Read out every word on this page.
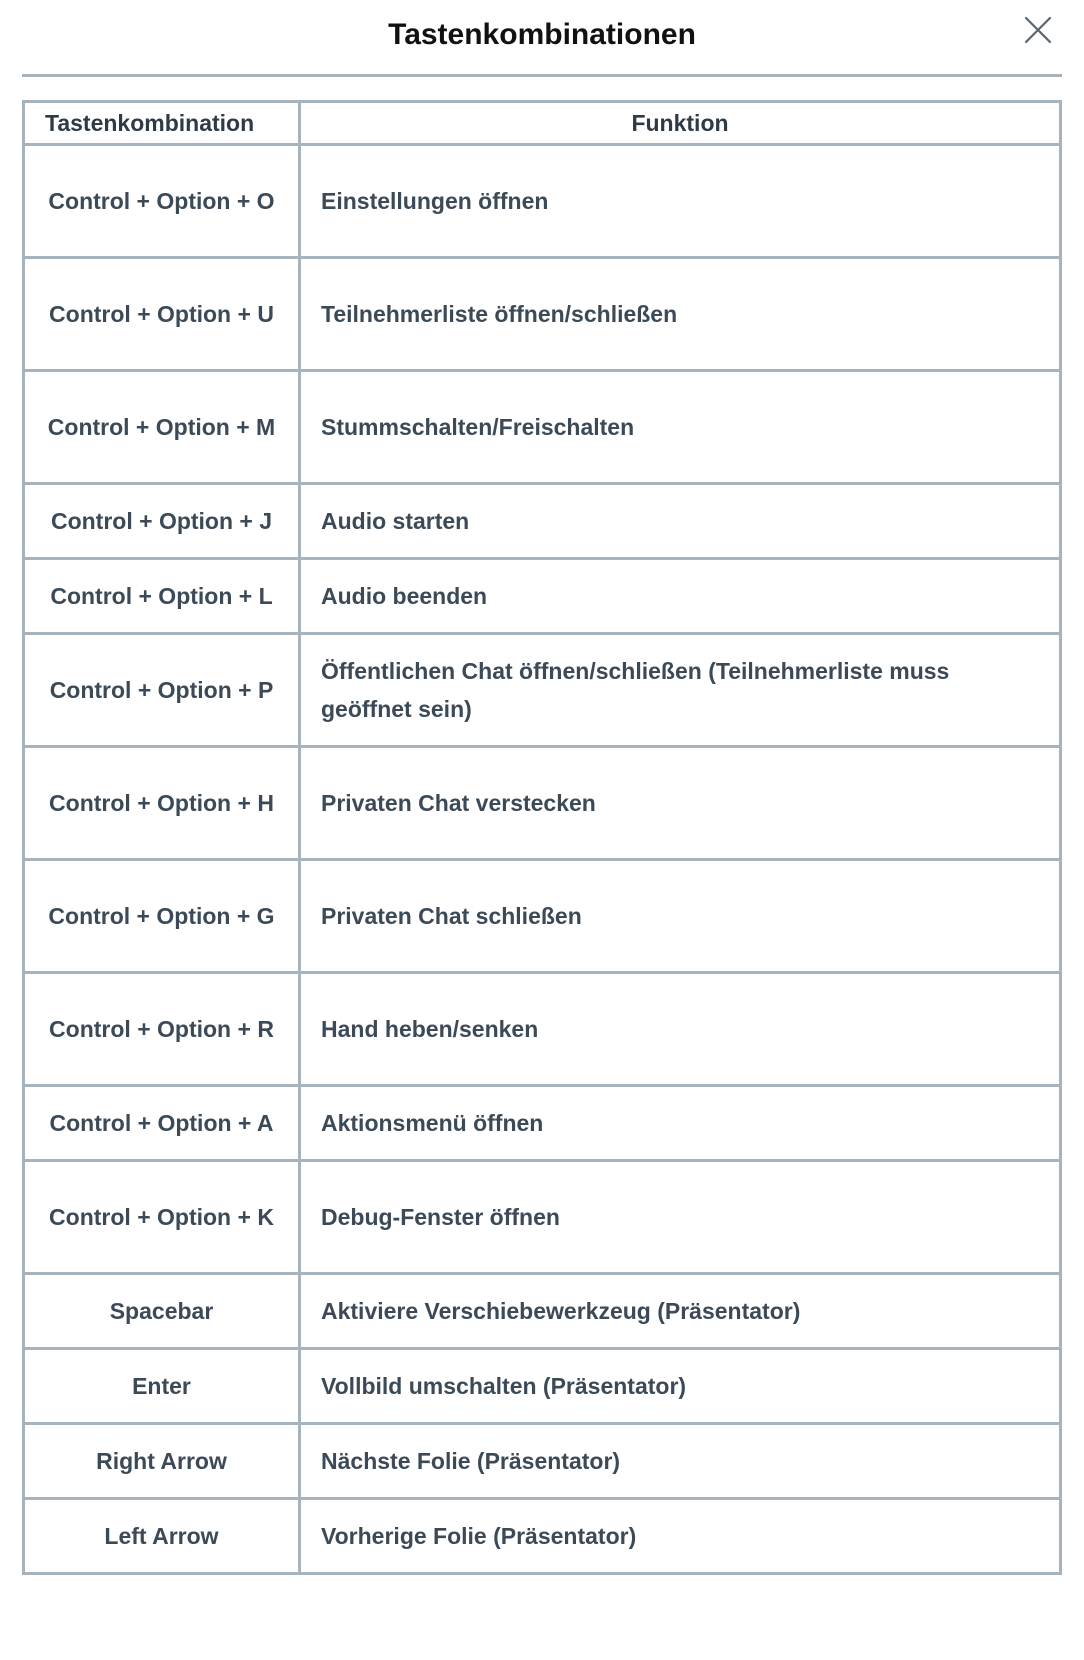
Tastenkombinationen
Tastenkombination	Funktion
Control + Option + O	Einstellungen öffnen
Control + Option + U	Teilnehmerliste öffnen/schließen
Control + Option + M	Stummschalten/Freischalten
Control + Option + J	Audio starten
Control + Option + L	Audio beenden
Control + Option + P	Öffentlichen Chat öffnen/schließen (Teilnehmerliste muss geöffnet sein)
Control + Option + H	Privaten Chat verstecken
Control + Option + G	Privaten Chat schließen
Control + Option + R	Hand heben/senken
Control + Option + A	Aktionsmenü öffnen
Control + Option + K	Debug-Fenster öffnen
Spacebar	Aktiviere Verschiebewerkzeug (Präsentator)
Enter	Vollbild umschalten (Präsentator)
Right Arrow	Nächste Folie (Präsentator)
Left Arrow	Vorherige Folie (Präsentator)
